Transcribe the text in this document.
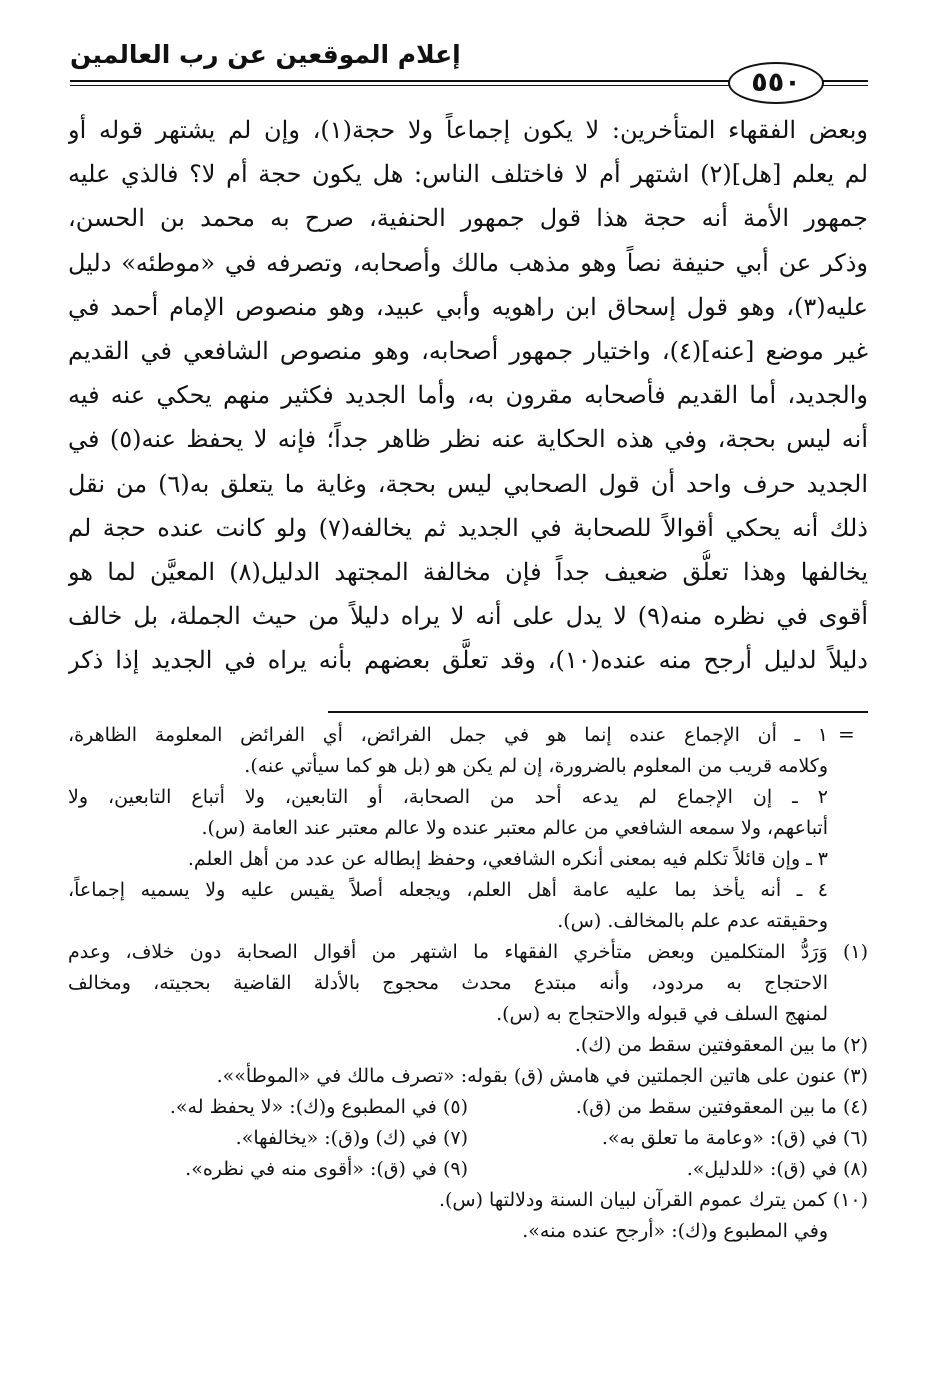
إعلام الموقعين عن رب العالمين
٥٥٠
وبعض الفقهاء المتأخرين: لا يكون إجماعاً ولا حجة(١)، وإن لم يشتهر قوله أو
لم يعلم [هل](٢) اشتهر أم لا فاختلف الناس: هل يكون حجة أم لا؟ فالذي عليه
جمهور الأمة أنه حجة هذا قول جمهور الحنفية، صرح به محمد بن الحسن،
وذكر عن أبي حنيفة نصاً وهو مذهب مالك وأصحابه، وتصرفه في «موطئه» دليل
عليه(٣)، وهو قول إسحاق ابن راهويه وأبي عبيد، وهو منصوص الإمام أحمد في
غير موضع [عنه](٤)، واختيار جمهور أصحابه، وهو منصوص الشافعي في القديم
والجديد، أما القديم فأصحابه مقرون به، وأما الجديد فكثير منهم يحكي عنه فيه
أنه ليس بحجة، وفي هذه الحكاية عنه نظر ظاهر جداً؛ فإنه لا يحفظ عنه(٥) في
الجديد حرف واحد أن قول الصحابي ليس بحجة، وغاية ما يتعلق به(٦) من نقل
ذلك أنه يحكي أقوالاً للصحابة في الجديد ثم يخالفه(٧) ولو كانت عنده حجة لم
يخالفها وهذا تعلُّق ضعيف جداً فإن مخالفة المجتهد الدليل(٨) المعيَّن لما هو
أقوى في نظره منه(٩) لا يدل على أنه لا يراه دليلاً من حيث الجملة، بل خالف
دليلاً لدليل أرجح منه عنده(١٠)، وقد تعلَّق بعضهم بأنه يراه في الجديد إذا ذكر
=
١ ـ أن الإجماع عنده إنما هو في جمل الفرائض، أي الفرائض المعلومة الظاهرة،
وكلامه قريب من المعلوم بالضرورة، إن لم يكن هو (بل هو كما سيأتي عنه).
٢ ـ إن الإجماع لم يدعه أحد من الصحابة، أو التابعين، ولا أتباع التابعين، ولا
أتباعهم، ولا سمعه الشافعي من عالم معتبر عنده ولا عالم معتبر عند العامة (س).
٣ ـ وإن قائلاً تكلم فيه بمعنى أنكره الشافعي، وحفظ إبطاله عن عدد من أهل العلم.
٤ ـ أنه يأخذ بما عليه عامة أهل العلم، ويجعله أصلاً يقيس عليه ولا يسميه إجماعاً،
وحقيقته عدم علم بالمخالف. (س).
(١) وَرَدُّ المتكلمين وبعض متأخري الفقهاء ما اشتهر من أقوال الصحابة دون خلاف، وعدم
الاحتجاج به مردود، وأنه مبتدع محدث محجوج بالأدلة القاضية بحجيته، ومخالف
لمنهج السلف في قبوله والاحتجاج به (س).
(٢) ما بين المعقوفتين سقط من (ك).
(٣) عنون على هاتين الجملتين في هامش (ق) بقوله: «تصرف مالك في «الموطأ»».
(٤) ما بين المعقوفتين سقط من (ق).
(٥) في المطبوع و(ك): «لا يحفظ له».
(٦) في (ق): «وعامة ما تعلق به».
(٧) في (ك) و(ق): «يخالفها».
(٨) في (ق): «للدليل».
(٩) في (ق): «أقوى منه في نظره».
(١٠) كمن يترك عموم القرآن لبيان السنة ودلالتها (س).
وفي المطبوع و(ك): «أرجح عنده منه».
